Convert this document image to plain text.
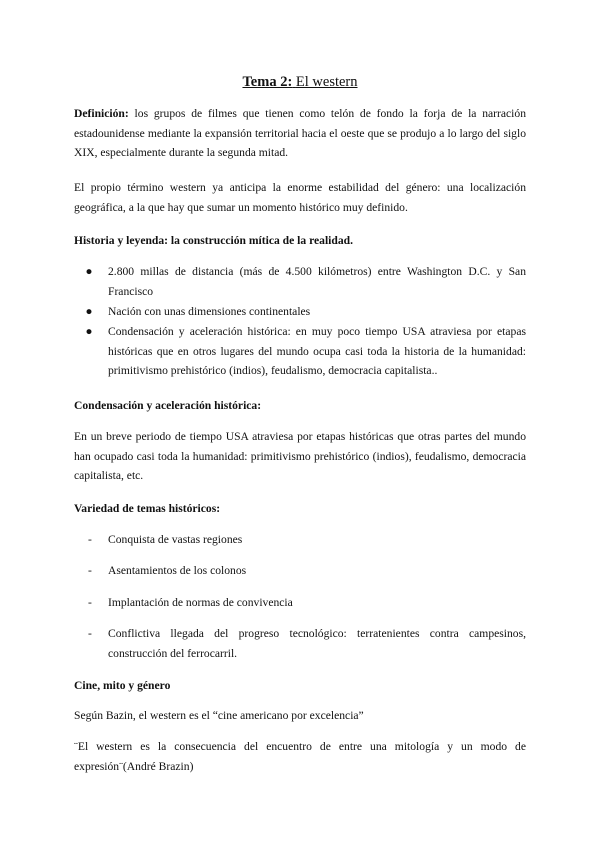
Tema 2: El western

Definición: los grupos de filmes que tienen como telón de fondo la forja de la narración estadounidense mediante la expansión territorial hacia el oeste que se produjo a lo largo del siglo XIX, especialmente durante la segunda mitad.

El propio término western ya anticipa la enorme estabilidad del género: una localización geográfica, a la que hay que sumar un momento histórico muy definido.

Historia y leyenda: la construcción mítica de la realidad.

● 2.800 millas de distancia (más de 4.500 kilómetros) entre Washington D.C. y San Francisco

● Nación con unas dimensiones continentales

● Condensación y aceleración histórica: en muy poco tiempo USA atraviesa por etapas históricas que en otros lugares del mundo ocupa casi toda la historia de la humanidad: primitivismo prehistórico (indios), feudalismo, democracia capitalista..

Condensación y aceleración histórica:

En un breve periodo de tiempo USA atraviesa por etapas históricas que otras partes del mundo han ocupado casi toda la humanidad: primitivismo prehistórico (indios), feudalismo, democracia capitalista, etc.

Variedad de temas históricos:

- Conquista de vastas regiones

- Asentamientos de los colonos

- Implantación de normas de convivencia

- Conflictiva llegada del progreso tecnológico: terratenientes contra campesinos, construcción del ferrocarril.

Cine, mito y género

Según Bazin, el western es el “cine americano por excelencia”

¨El western es la consecuencia del encuentro de entre una mitología y un modo de expresión¨(André Brazin)
